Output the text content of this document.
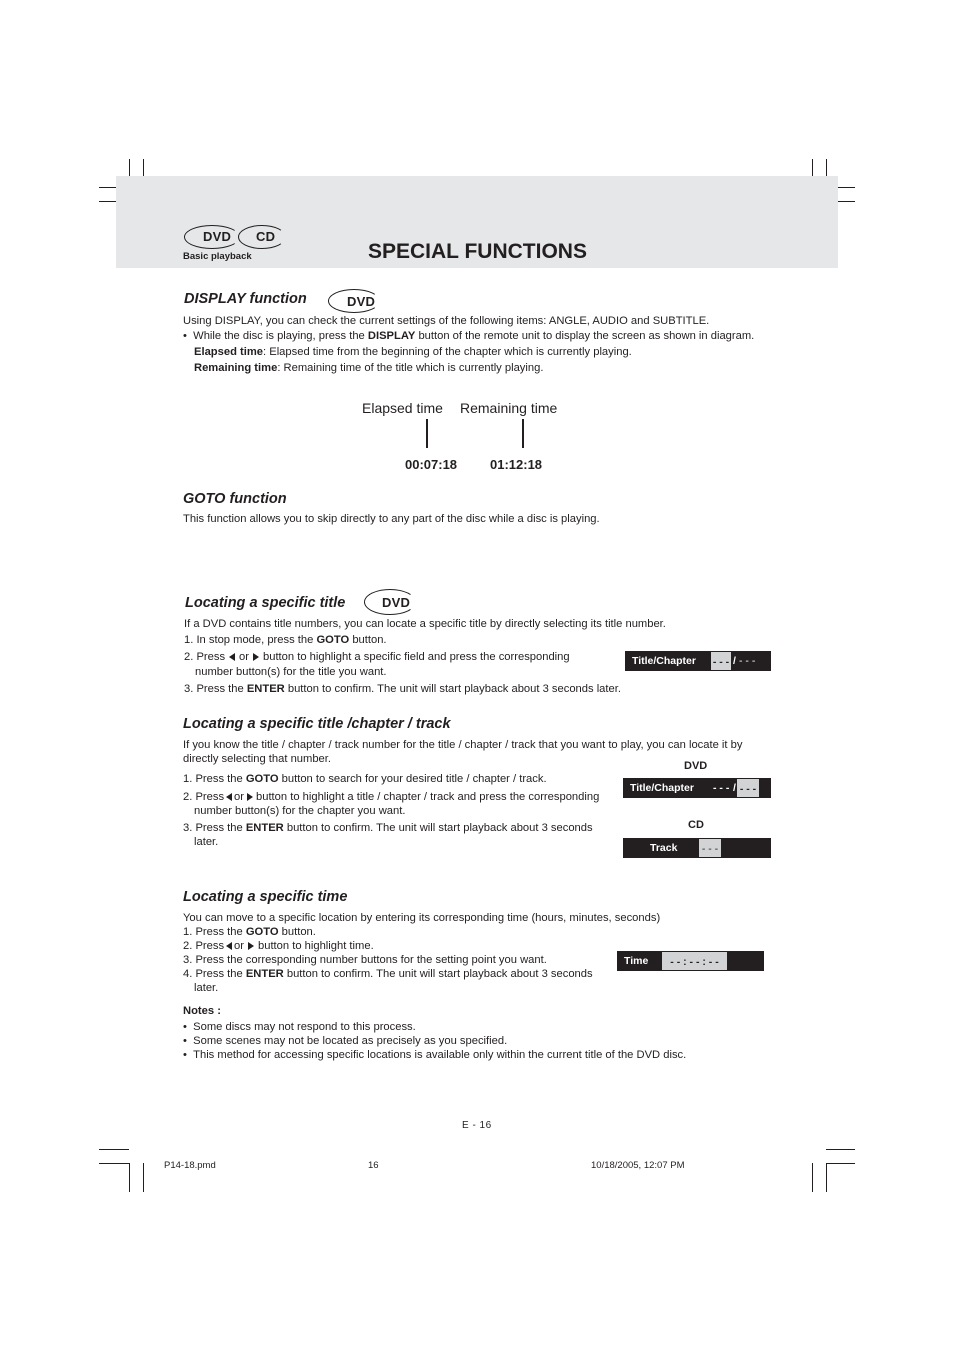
DVD CD
Basic playback	SPECIAL FUNCTIONS
DISPLAY function	DVD
Using DISPLAY, you can check the current settings of the following items: ANGLE, AUDIO and SUBTITLE.
•  While the disc is playing, press the DISPLAY button of the remote unit to display the screen as shown in diagram.
Elapsed time: Elapsed time from the beginning of the chapter which is currently playing.
Remaining time: Remaining time of the title which is currently playing.
Elapsed time Remaining time
00:07:18	01:12:18
GOTO function
This function allows you to skip directly to any part of the disc while a disc is playing.
Locating a specific title	DVD
If a DVD contains title numbers, you can locate a specific title by directly selecting its title number.
1. In stop mode, press the GOTO button.
2. Press or button to highlight a specific field and press the corresponding
number button(s) for the title you want.
3. Press the ENTER button to confirm. The unit will start playback about 3 seconds later.
Title/Chapter - - - / - - -
Locating a specific title /chapter / track
If you know the title / chapter / track number for the title / chapter / track that you want to play, you can locate it by
directly selecting that number.
1. Press the GOTO button to search for your desired title / chapter / track.
2. Press or button to highlight a title / chapter / track and press the corresponding
number button(s) for the chapter you want.
3. Press the ENTER button to confirm. The unit will start playback about 3 seconds
later.
DVD
Title/Chapter - - - / - - -
CD
Track - - -
Locating a specific time
You can move to a specific location by entering its corresponding time (hours, minutes, seconds)
1. Press the GOTO button.
2. Press or button to highlight time.
3. Press the corresponding number buttons for the setting point you want.
4. Press the ENTER button to confirm. The unit will start playback about 3 seconds
later.
Time	- - : - - : - -
Notes :
•  Some discs may not respond to this process.
•  Some scenes may not be located as precisely as you specified.
•  This method for accessing specific locations is available only within the current title of the DVD disc.
E - 16
P14-18.pmd	16	10/18/2005, 12:07 PM
